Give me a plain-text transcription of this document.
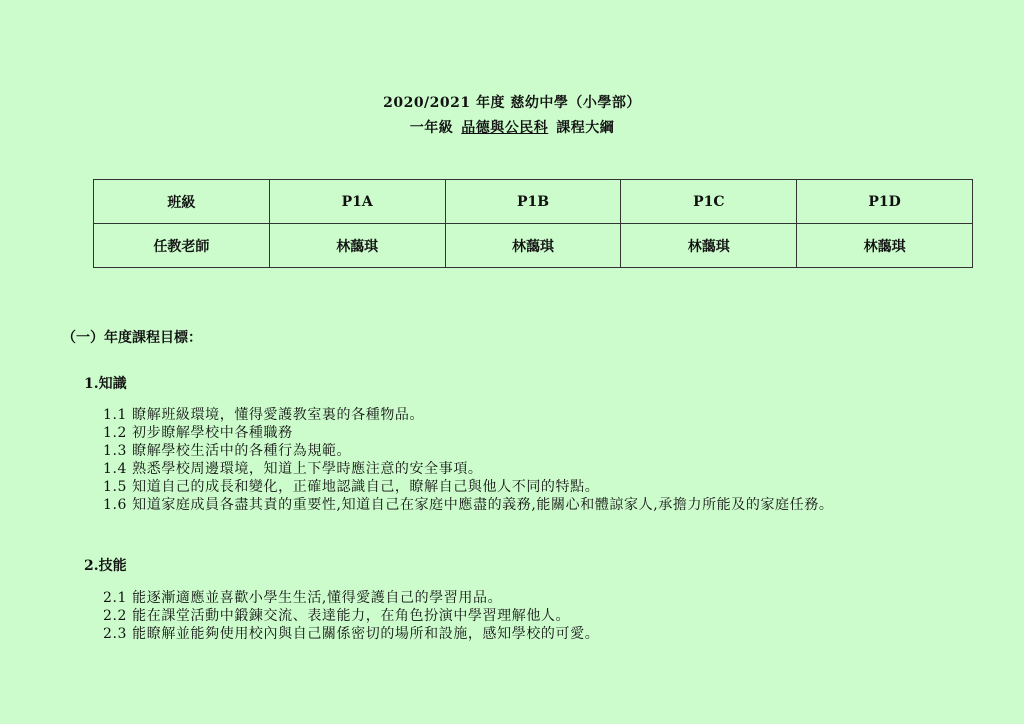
2020/2021 年度 慈幼中學（小學部）
一年級 品德與公民科 課程大綱
班級	P1A	P1B	P1C	P1D
任教老師	林藹琪	林藹琪	林藹琪	林藹琪
（一）年度課程目標：
1.知識
1.1 瞭解班級環境，懂得愛護教室裏的各種物品。
1.2 初步瞭解學校中各種職務
1.3 瞭解學校生活中的各種行為規範。
1.4 熟悉學校周邊環境，知道上下學時應注意的安全事項。
1.5 知道自己的成長和變化，正確地認識自己，瞭解自己與他人不同的特點。
1.6 知道家庭成員各盡其責的重要性,知道自己在家庭中應盡的義務,能關心和體諒家人,承擔力所能及的家庭任務。
2.技能
2.1 能逐漸適應並喜歡小學生生活,懂得愛護自己的學習用品。
2.2 能在課堂活動中鍛鍊交流、表達能力，在角色扮演中學習理解他人。
2.3 能瞭解並能夠使用校內與自己關係密切的場所和設施，感知學校的可愛。
